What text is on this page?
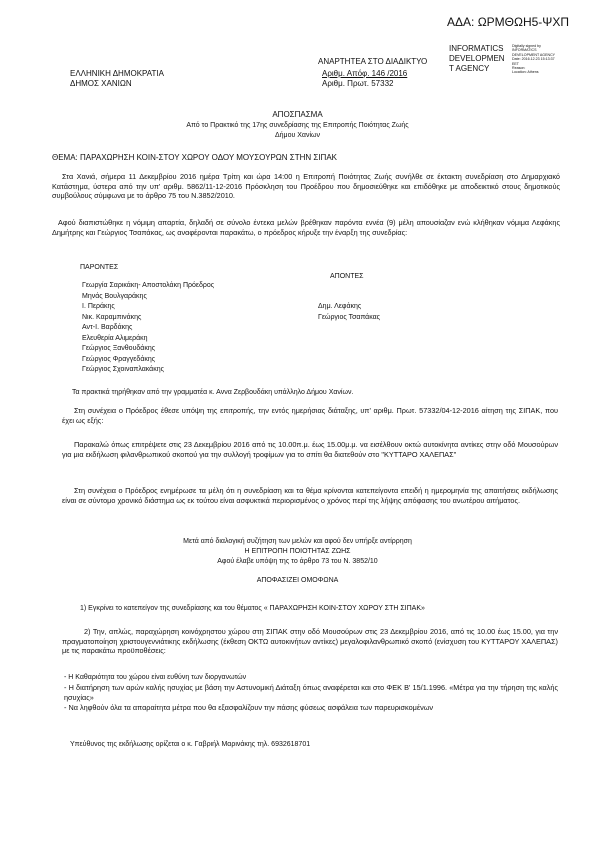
ΑΔΑ: ΩΡΜΘΩΗ5-ΨΧΠ
INFORMATICS
DEVELOPMEN
T AGENCY
Digitally signed by
INFORMATICS
DEVELOPMENT AGENCY
Date: 2016.12.23 15:13:37
EET
Reason:
Location: Athens
ΑΝΑΡΤΗΤΕΑ ΣΤΟ ΔΙΑΔΙΚΤΥΟ
ΕΛΛΗΝΙΚΗ ΔΗΜΟΚΡΑΤΙΑ
ΔΗΜΟΣ ΧΑΝΙΩΝ
Αριθμ. Απόφ. 146 /2016
Αριθμ. Πρωτ. 57332
ΑΠΟΣΠΑΣΜΑ
Από το Πρακτικό της 17ης συνεδρίασης της Επιτροπής Ποιότητας Ζωής
Δήμου Χανίων
ΘΕΜΑ: ΠΑΡΑΧΩΡΗΣΗ ΚΟΙΝ-ΣΤΟΥ ΧΩΡΟΥ ΟΔΟΥ ΜΟΥΣΟΥΡΩΝ ΣΤΗΝ ΣΙΠΑΚ
Στα Χανιά, σήμερα 11 Δεκεμβρίου 2016 ημέρα Τρίτη και ώρα 14:00 η Επιτροπή Ποιότητας Ζωής συνήλθε σε έκτακτη συνεδρίαση στο Δημαρχιακό Κατάστημα, ύστερα από την υπ' αριθμ. 5862/11-12-2016 Πρόσκληση του Προέδρου που δημοσιεύθηκε και επιδόθηκε με αποδεικτικό στους δημοτικούς συμβούλους σύμφωνα με το άρθρο 75 του Ν.3852/2010.
Αφού διαπιστώθηκε η νόμιμη απαρτία, δηλαδή σε σύνολο έντεκα μελών βρέθηκαν παρόντα εννέα (9) μέλη απουσίαζαν ενώ κλήθηκαν νόμιμα Λεφάκης Δημήτρης και Γεώργιος Τσαπάκας, ως αναφέρονται παρακάτω, ο πρόεδρος κήρυξε την έναρξη της συνεδρίας:
ΠΑΡΟΝΤΕΣ
ΑΠΟΝΤΕΣ
Γεωργία Σαρικάκη- Αποστολάκη Πρόεδρος
Μηνάς Βουλγαράκης
Ι. Περάκης
Νικ. Καραμπινάκης
Αντ-Ι. Βαρδάκης
Ελευθερία Αλιμεράκη
Γεώργιος Ξανθουδάκης
Γεώργιος Φραγγεδάκης
Γεώργιος Σχοιναπλακάκης
Δημ. Λεφάκης
Γεώργιος Τσαπάκας
Τα πρακτικά τηρήθηκαν από την γραμματέα κ. Αννα Ζερβουδάκη υπάλληλο Δήμου Χανίων.
Στη συνέχεια ο Πρόεδρος έθεσε υπόψη της επιτροπής, την εντός ημερήσιας διάταξης, υπ' αριθμ. Πρωτ. 57332/04-12-2016 αίτηση της ΣΙΠΑΚ, που έχει ως εξής:
Παρακαλώ όπως επιτρέψετε στις 23 Δεκεμβρίου 2016 από τις 10.00π.μ. έως 15.00μ.μ. να εισέλθουν οκτώ αυτοκίνητα αντίκες στην οδό Μουσούρων για μια εκδήλωση φιλανθρωπικού σκοπού για την συλλογή τροφίμων για το σπίτι θα διατεθούν στο "ΚΥΤΤΑΡΟ ΧΑΛΕΠΑΣ"
Στη συνέχεια ο Πρόεδρος ενημέρωσε τα μέλη ότι η συνεδρίαση και τα θέμα κρίνονται κατεπείγοντα επειδή η ημερομηνία της απαιτήσεις εκδήλωσης είναι σε σύντομο χρονικό διάστημα ως εκ τούτου είναι ασφυκτικά περιορισμένος ο χρόνος περί της λήψης απόφασης του ανωτέρου αιτήματος.
Μετά από διαλογική συζήτηση των μελών και αφού δεν υπήρξε αντίρρηση
Η ΕΠΙΤΡΟΠΗ ΠΟΙΟΤΗΤΑΣ ΖΩΗΣ
Αφού έλαβε υπόψη της το άρθρο 73 του Ν. 3852/10
ΑΠΟΦΑΣΙΖΕΙ ΟΜΟΦΩΝΑ
1) Εγκρίνει το κατεπείγον της συνεδρίασης και του θέματος « ΠΑΡΑΧΩΡΗΣΗ ΚΟΙΝ-ΣΤΟΥ ΧΩΡΟΥ ΣΤΗ ΣΙΠΑΚ»
2) Την, απλώς, παραχώρηση κοινόχρηστου χώρου στη ΣΙΠΑΚ στην οδό Μουσούρων στις 23 Δεκεμβρίου 2016, από τις 10.00 έως 15.00, για την πραγματοποίηση χριστουγεννιάτικης εκδήλωσης (έκθεση ΟΚΤΩ αυτοκινήτων αντίκες) μεγαλοφιλανθρωπικό σκοπό (ενίσχυση του ΚΥΤΤΑΡΟΥ ΧΑΛΕΠΑΣ) με τις παρακάτω προϋποθέσεις:
- Η Καθαριότητα του χώρου είναι ευθύνη των διοργανωτών
- Η διατήρηση των αρών καλής ησυχίας με βάση την Αστυνομική Διάταξη όπως αναφέρεται και στο ΦΕΚ Β' 15/1.1996. «Μέτρα για την τήρηση της καλής ησυχίας»
- Να ληφθούν όλα τα απαραίτητα μέτρα που θα εξασφαλίζουν την πάσης φύσεως ασφάλεια των παρευρισκομένων
Υπεύθυνος της εκδήλωσης ορίζεται ο κ. Γαβριήλ Μαρινάκης τηλ. 6932618701
